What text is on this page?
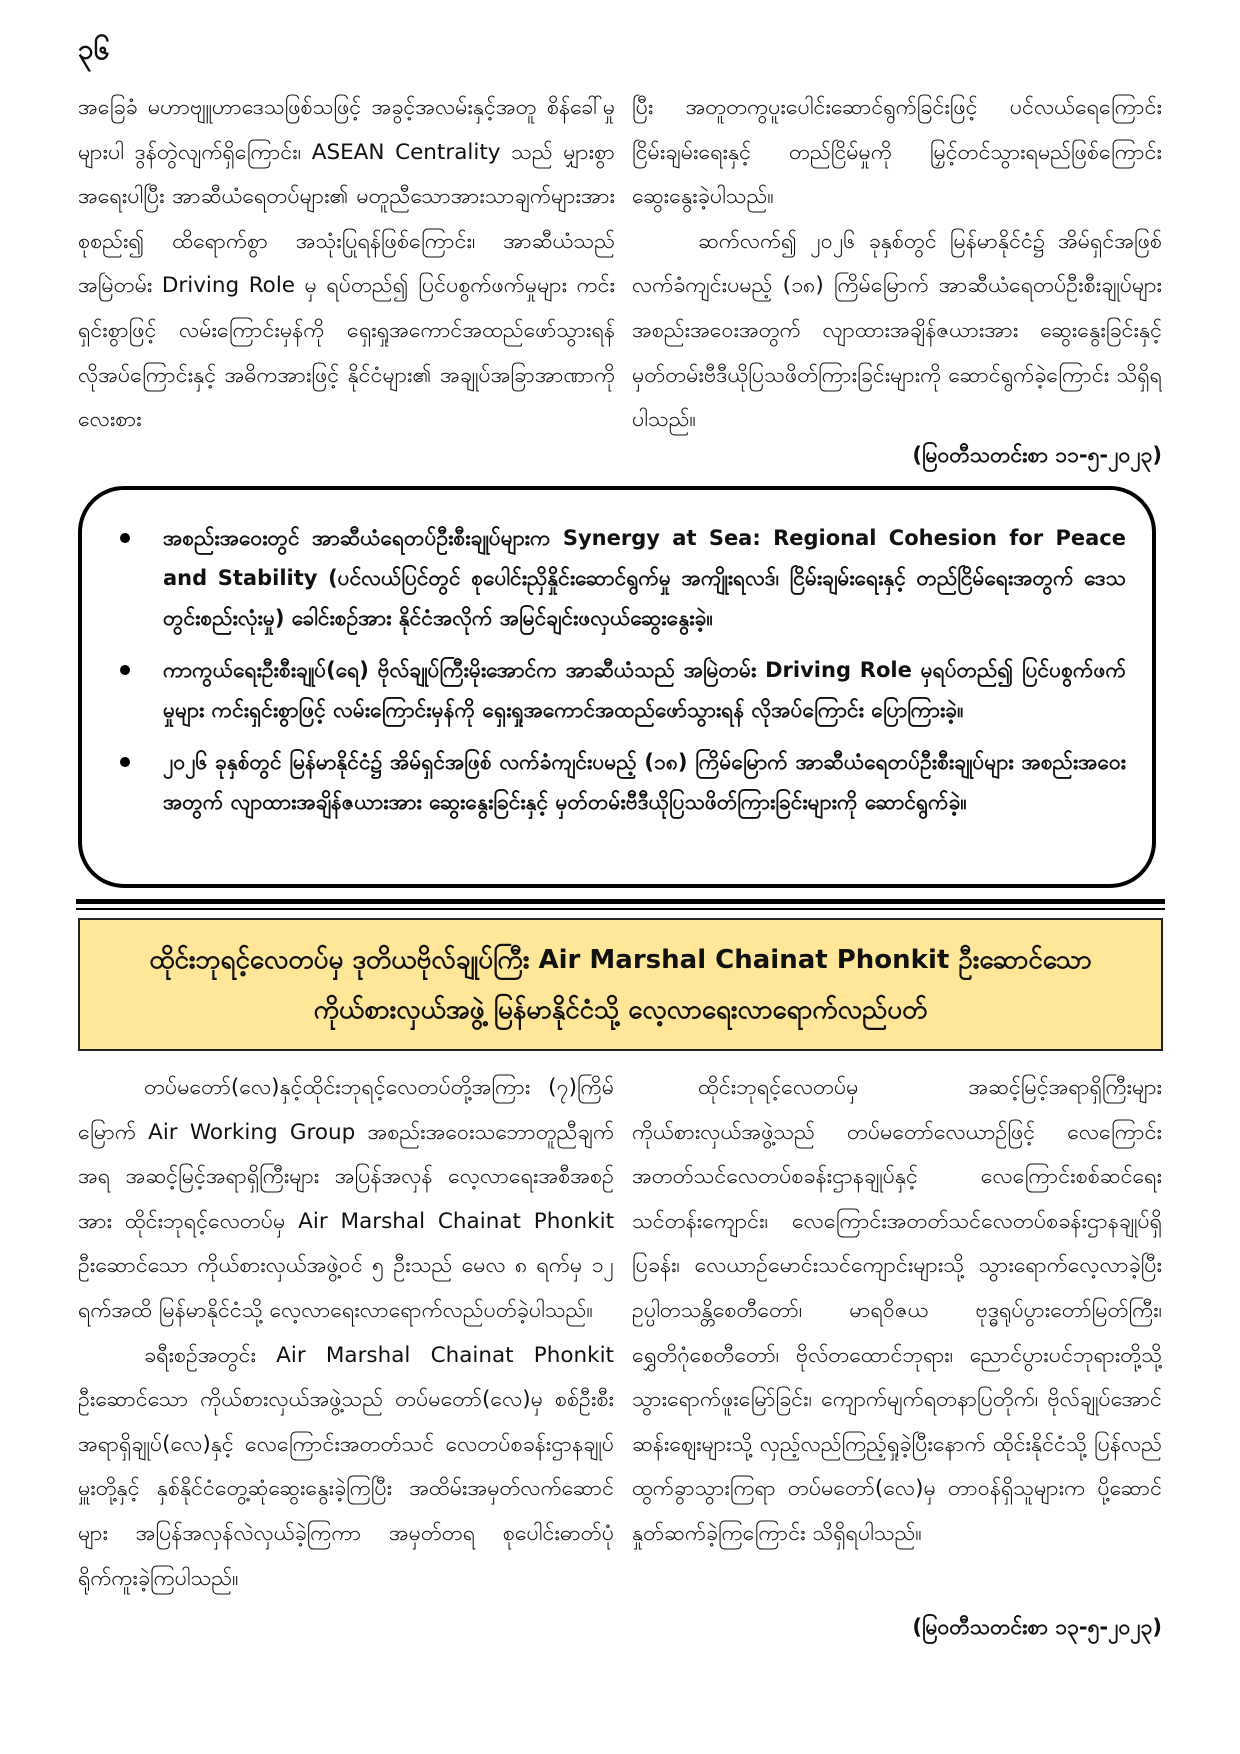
၃၆

အခြေခံ မဟာဗျူဟာဒေသဖြစ်သဖြင့် အခွင့်အလမ်းနှင့်အတူ စိန်ခေါ်မှုများပါ ဒွန်တွဲလျက်ရှိကြောင်း၊ ASEAN Centrality သည် မျှားစွာအရေးပါပြီး အာဆီယံရေတပ်များ၏ မတူညီသောအားသာချက်များအား စုစည်း၍ ထိရောက်စွာ အသုံးပြုရန်ဖြစ်ကြောင်း၊ အာဆီယံသည် အမြဲတမ်း Driving Role မှ ရပ်တည်၍ ပြင်ပစွက်ဖက်မှုများ ကင်းရှင်းစွာဖြင့် လမ်းကြောင်းမှန်ကို ရှေးရှုအကောင်အထည်ဖော်သွားရန် လိုအပ်ကြောင်းနှင့် အဓိကအားဖြင့် နိုင်ငံများ၏ အချုပ်အခြာအာဏာကို လေးစား

ပြီး အတူတကွပူးပေါင်းဆောင်ရွက်ခြင်းဖြင့် ပင်လယ်ရေကြောင်း ငြိမ်းချမ်းရေးနှင့် တည်ငြိမ်မှုကို မြှင့်တင်သွားရမည်ဖြစ်ကြောင်း ဆွေးနွေးခဲ့ပါသည်။

ဆက်လက်၍ ၂၀၂၆ ခုနှစ်တွင် မြန်မာနိုင်ငံ၌ အိမ်ရှင်အဖြစ် လက်ခံကျင်းပမည့် (၁၈) ကြိမ်မြောက် အာဆီယံရေတပ်ဦးစီးချုပ်များအစည်းအဝေးအတွက် လျာထားအချိန်ဇယားအား ဆွေးနွေးခြင်းနှင့် မှတ်တမ်းဗီဒီယိုပြသဖိတ်ကြားခြင်းများကို ဆောင်ရွက်ခဲ့ကြောင်း သိရှိရပါသည်။

(မြဝတီသတင်းစာ ၁၁-၅-၂၀၂၃)
အစည်းအဝေးတွင် အာဆီယံရေတပ်ဦးစီးချုပ်များက Synergy at Sea: Regional Cohesion for Peace and Stability (ပင်လယ်ပြင်တွင် စုပေါင်းညှိနှိုင်းဆောင်ရွက်မှု အကျိုးရလဒ်၊ ငြိမ်းချမ်းရေးနှင့် တည်ငြိမ်ရေးအတွက် ဒေသတွင်းစည်းလုံးမှု) ခေါင်းစဉ်အား နိုင်ငံအလိုက် အမြင်ချင်းဖလှယ်ဆွေးနွေးခဲ့။
ကာကွယ်ရေးဦးစီးချုပ်(ရေ) ဗိုလ်ချုပ်ကြီးမိုးအောင်က အာဆီယံသည် အမြဲတမ်း Driving Role မှရပ်တည်၍ ပြင်ပစွက်ဖက်မှုများ ကင်းရှင်းစွာဖြင့် လမ်းကြောင်းမှန်ကို ရှေးရှုအကောင်အထည်ဖော်သွားရန် လိုအပ်ကြောင်း ပြောကြားခဲ့။
၂၀၂၆ ခုနှစ်တွင် မြန်မာနိုင်ငံ၌ အိမ်ရှင်အဖြစ် လက်ခံကျင်းပမည့် (၁၈) ကြိမ်မြောက် အာဆီယံရေတပ်ဦးစီးချုပ်များ အစည်းအဝေးအတွက် လျာထားအချိန်ဇယားအား ဆွေးနွေးခြင်းနှင့် မှတ်တမ်းဗီဒီယိုပြသဖိတ်ကြားခြင်းများကို ဆောင်ရွက်ခဲ့။
ထိုင်းဘုရင့်လေတပ်မှ ဒုတိယဗိုလ်ချုပ်ကြီး Air Marshal Chainat Phonkit ဦးဆောင်သော
ကိုယ်စားလှယ်အဖွဲ့ မြန်မာနိုင်ငံသို့ လေ့လာရေးလာရောက်လည်ပတ်

တပ်မတော်(လေ)နှင့်ထိုင်းဘုရင့်လေတပ်တို့အကြား (၇)ကြိမ်မြောက် Air Working Group အစည်းအဝေးသဘောတူညီချက်အရ အဆင့်မြင့်အရာရှိကြီးများ အပြန်အလှန် လေ့လာရေးအစီအစဉ်အား ထိုင်းဘုရင့်လေတပ်မှ Air Marshal Chainat Phonkit ဦးဆောင်သော ကိုယ်စားလှယ်အဖွဲ့ဝင် ၅ ဦးသည် မေလ ၈ ရက်မှ ၁၂ ရက်အထိ မြန်မာနိုင်ငံသို့ လေ့လာရေးလာရောက်လည်ပတ်ခဲ့ပါသည်။

ခရီးစဉ်အတွင်း Air Marshal Chainat Phonkit ဦးဆောင်သော ကိုယ်စားလှယ်အဖွဲ့သည် တပ်မတော်(လေ)မှ စစ်ဦးစီးအရာရှိချုပ်(လေ)နှင့် လေကြောင်းအတတ်သင် လေတပ်စခန်းဌာနချုပ်မှူးတို့နှင့် နှစ်နိုင်ငံတွေ့ဆုံဆွေးနွေးခဲ့ကြပြီး အထိမ်းအမှတ်လက်ဆောင်များ အပြန်အလှန်လဲလှယ်ခဲ့ကြကာ အမှတ်တရ စုပေါင်းဓာတ်ပုံ ရိုက်ကူးခဲ့ကြပါသည်။

ထိုင်းဘုရင့်လေတပ်မှ အဆင့်မြင့်အရာရှိကြီးများ ကိုယ်စားလှယ်အဖွဲ့သည် တပ်မတော်လေယာဉ်ဖြင့် လေကြောင်းအတတ်သင်လေတပ်စခန်းဌာနချုပ်နှင့် လေကြောင်းစစ်ဆင်ရေးသင်တန်းကျောင်း၊ လေကြောင်းအတတ်သင်လေတပ်စခန်းဌာနချုပ်ရှိ ပြခန်း၊ လေယာဉ်မောင်းသင်ကျောင်းများသို့ သွားရောက်လေ့လာခဲ့ပြီး ဥပ္ပါတသန္တိစေတီတော်၊ မာရဝိဇယ ဗုဒ္ဓရုပ်ပွားတော်မြတ်ကြီး၊ ရွှေတိဂုံစေတီတော်၊ ဗိုလ်တထောင်ဘုရား၊ ညောင်ပွားပင်ဘုရားတို့သို့ သွားရောက်ဖူးမြော်ခြင်း၊ ကျောက်မျက်ရတနာပြတိုက်၊ ဗိုလ်ချုပ်အောင်ဆန်းဈေးများသို့ လှည့်လည်ကြည့်ရှုခဲ့ပြီးနောက် ထိုင်းနိုင်ငံသို့ ပြန်လည်ထွက်ခွာသွားကြရာ တပ်မတော်(လေ)မှ တာဝန်ရှိသူများက ပို့ဆောင်နှုတ်ဆက်ခဲ့ကြကြောင်း သိရှိရပါသည်။

(မြဝတီသတင်းစာ ၁၃-၅-၂၀၂၃)
